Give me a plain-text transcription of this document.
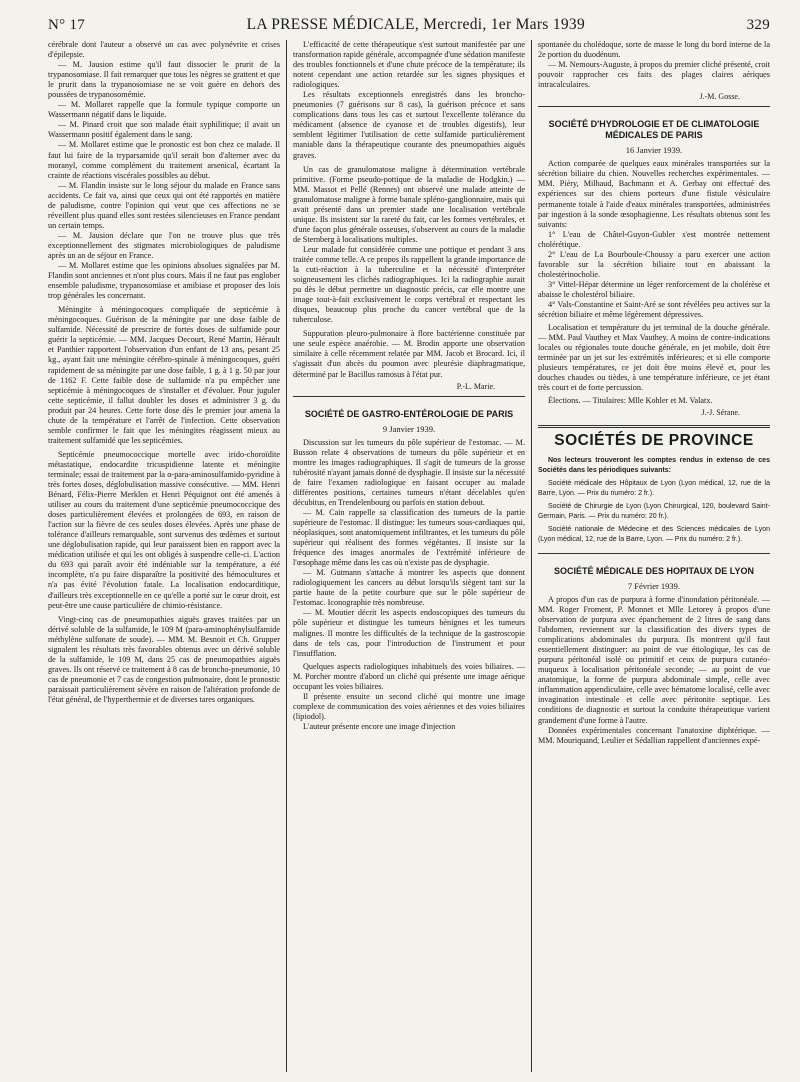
N° 17	LA PRESSE MÉDICALE, Mercredi, 1er Mars 1939	329

cérébrale dont l'auteur a observé un cas avec polynévrite et crises d'épilepsie.

— M. Jausion estime qu'il faut dissocier le prurit de la trypanosomiase. Il fait remarquer que tous les nègres se grattent et que le prurit dans la trypanosomiase ne se voit guère en dehors des poussées de trypanosomémie.

— M. Mollaret rappelle que la formule typique comporte un Wassermann négatif dans le liquide.

— M. Pinard croit que son malade était syphilitique; il avait un Wassermann positif également dans le sang.

— M. Mollaret estime que le pronostic est bon chez ce malade. Il faut lui faire de la tryparsamide qu'il serait bon d'alterner avec du moranyl, comme complément du traitement arsenical, écartant la crainte de réactions viscérales possibles au début.

— M. Flandin insiste sur le long séjour du malade en France sans accidents. Ce fait va, ainsi que ceux qui ont été rapportés en matière de paludisme, contre l'opinion qui veut que ces affections ne se réveillent plus quand elles sont restées silencieuses en France pendant un certain temps.

— M. Jausion déclare que l'on ne trouve plus que très exceptionnellement des stigmates microbiologiques de paludisme après un an de séjour en France.

— M. Mollaret estime que les opinions absolues signalées par M. Flandin sont anciennes et n'ont plus cours. Mais il ne faut pas englober ensemble paludisme, trypanosomiase et amibiase et proposer des lois trop générales les concernant.

Méningite à méningocoques compliquée de septicémie à méningocoques. Guérison de la méningite par une dose faible de sulfamide. Nécessité de prescrire de fortes doses de sulfamide pour guérir la septicémie. — MM. Jacques Decourt, René Martin, Hérault et Panthier rapportent l'observation d'un enfant de 13 ans, pesant 25 kg., ayant fait une méningite cérébro-spinale à méningocoques, guéri rapidement de sa méningite par une dose faible, 1 g. à 1 g. 50 par jour de 1162 F. Cette faible dose de sulfamide n'a pu empêcher une septicémie à méningocoques de s'installer et d'évoluer. Pour juguler cette septicémie, il fallut doubler les doses et administrer 3 g. du produit par 24 heures. Cette forte dose dès le premier jour amena la chute de la température et l'arrêt de l'infection. Cette observation semble confirmer le fait que les méningites réagissent mieux au traitement sulfamidé que les septicémies.

Septicémie pneumococcique mortelle avec irido-choroïdite métastatique, endocardite tricuspidienne latente et méningite terminale; essai de traitement par la α-para-aminosulfamido-pyridine à très fortes doses, déglobulisation massive consécutive. — MM. Henri Bénard, Félix-Pierre Merklen et Henri Péquignot ont été amenés à utiliser au cours du traitement d'une septicémie pneumococcique des doses particulièrement élevées et prolongées de 693, en raison de l'action sur la fièvre de ces seules doses élevées. Après une phase de tolérance d'ailleurs remarquable, sont survenus des œdèmes et surtout une déglobulisation rapide, qui leur paraissent bien en rapport avec la médication utilisée et qui les ont obligés à suspendre celle-ci. L'action du 693 qui paraît avoir été indéniable sur la température, a été incomplète, n'a pu faire disparaître la positivité des hémocultures et n'a pas évité l'évolution fatale. La localisation endocarditique, d'ailleurs très exceptionnelle en ce qu'elle a porté sur le cœur droit, est peut-être une cause particulière de chimio-résistance.

Vingt-cinq cas de pneumopathies aiguës graves traitées par un dérivé soluble de la sulfamide, le 109 M (para-aminophénylsulfamide méthylène sulfonate de soude). — MM. M. Besnoit et Ch. Grupper signalent les résultats très favorables obtenus avec un dérivé soluble de la sulfamide, le 109 M, dans 25 cas de pneumopathies aiguës graves. Ils ont réservé ce traitement à 8 cas de broncho-pneumonie, 10 cas de pneumonie et 7 cas de congestion pulmonaire, dont le pronostic paraissait particulièrement sévère en raison de l'altération profonde de l'état général, de l'hyperthermie et de diverses tares organiques.

L'efficacité de cette thérapeutique s'est surtout manifestée par une transformation rapide générale, accompagnée d'une sédation manifeste des troubles fonctionnels et d'une chute précoce de la température; ils notent cependant une action retardée sur les signes physiques et radiologiques.

Les résultats exceptionnels enregistrés dans les broncho-pneumonies (7 guérisons sur 8 cas), la guérison précoce et sans complications dans tous les cas et surtout l'excellente tolérance du médicament (absence de cyanose et de troubles digestifs), leur semblent légitimer l'utilisation de cette sulfamide particulièrement maniable dans la thérapeutique courante des pneumopathies aiguës graves.

Un cas de granulomatose maligne à détermination vertébrale primitive. (Forme pseudo-pottique de la maladie de Hodgkin.) — MM. Massot et Pellé (Rennes) ont observé une malade atteinte de granulomatose maligne à forme banale spléno-ganglionnaire, mais qui avait présenté dans un premier stade une localisation vertébrale unique. Ils insistent sur la rareté du fait, car les formes vertébrales, et d'une façon plus générale osseuses, s'observent au cours de la maladie de Sternberg à localisations multiples.

Leur malade fut considérée comme une pottique et pendant 3 ans traitée comme telle. A ce propos ils rappellent la grande importance de la cuti-réaction à la tuberculine et la nécessité d'interpréter soigneusement les clichés radiographiques. Ici la radiographie aurait pu dès le début permettre un diagnostic précis, car elle montre une image tout-à-fait exclusivement le corps vertébral et respectant les disques, beaucoup plus proche du cancer vertébral que de la tuberculose.

Suppuration pleuro-pulmonaire à flore bactérienne constituée par une seule espèce anaérobie. — M. Brodin apporte une observation similaire à celle récemment relatée par MM. Jacob et Brocard. Ici, il s'agissait d'un abcès du poumon avec pleurésie diaphragmatique, déterminé par le Bacillus ramosus à l'état pur.

P.-L. Marie.
SOCIÉTÉ DE GASTRO-ENTÉROLOGIE DE PARIS
9 Janvier 1939.

Discussion sur les tumeurs du pôle supérieur de l'estomac. — M. Busson relate 4 observations de tumeurs du pôle supérieur et en montre les images radiographiques. Il s'agit de tumeurs de la grosse tubérosité n'ayant jamais donné de dysphagie. Il insiste sur la nécessité de faire l'examen radiologique en faisant occuper au malade différentes positions, certaines tumeurs n'étant décelables qu'en décubitus, en Trendelenbourg ou parfois en station debout.

— M. Cain rappelle sa classification des tumeurs de la partie supérieure de l'estomac. Il distingue: les tumeurs sous-cardiaques qui, néoplasiques, sont anatomiquement infiltrantes, et les tumeurs du pôle supérieur qui réalisent des formes végétantes. Il insiste sur la fréquence des images anormales de l'extrémité inférieure de l'œsophage même dans les cas où n'existe pas de dysphagie.

— M. Gutmann s'attache à montrer les aspects que donnent radiologiquement les cancers au début lorsqu'ils siègent tant sur la partie haute de la petite courbure que sur le pôle supérieur de l'estomac. Iconographie très nombreuse.

— M. Moutier décrit les aspects endoscopiques des tumeurs du pôle supérieur et distingue les tumeurs bénignes et les tumeurs malignes. Il montre les difficultés de la technique de la gastroscopie dans de tels cas, pour l'introduction de l'instrument et pour l'insufflation.

Quelques aspects radiologiques inhabituels des voies biliaires. — M. Porcher montre d'abord un cliché qui présente une image aérique occupant les voies biliaires.

Il présente ensuite un second cliché qui montre une image complexe de communication des voies aériennes et des voies biliaires (lipiodol).

L'auteur présente encore une image d'injection

spontanée du cholédoque, sorte de masse le long du bord interne de la 2e portion du duodénum.

— M. Nemours-Auguste, à propos du premier cliché présenté, croit pouvoir rapprocher ces faits des plages claires aériques intracalculaires.

J.-M. Gosse.
SOCIÉTÉ D'HYDROLOGIE ET DE CLIMATOLOGIE MÉDICALES DE PARIS
16 Janvier 1939.

Action comparée de quelques eaux minérales transportées sur la sécrétion biliaire du chien. Nouvelles recherches expérimentales. — MM. Piéry, Milhaud, Bachmann et A. Gerbay ont effectué des expériences sur des chiens porteurs d'une fistule vésiculaire permanente totale à l'aide d'eaux minérales transportées, administrées par ingestion à la sonde œsophagienne. Les résultats obtenus sont les suivants:

1° L'eau de Châtel-Guyon-Gubler s'est montrée nettement cholérétique.

2° L'eau de La Bourboule-Choussy a paru exercer une action favorable sur la sécrétion biliaire tout en abaissant la cholestérinocholie.

3° Vittel-Hépar détermine un léger renforcement de la cholérèse et abaisse le cholestérol biliaire.

4° Vals-Constantine et Saint-Aré se sont révélées peu actives sur la sécrétion biliaire et même légèrement dépressives.

Localisation et température du jet terminal de la douche générale. — MM. Paul Vauthey et Max Vauthey. A moins de contre-indications locales ou régionales toute douche générale, en jet mobile, doit être terminée par un jet sur les extrémités inférieures; et si elle comporte plusieurs températures, ce jet doit être moins élevé et, pour les douches chaudes ou tièdes, à une température inférieure, ce jet étant très court et de forte percussion.

Élections. — Titulaires: Mlle Kohler et M. Valatx.

J.-J. Sérane.
SOCIÉTÉS DE PROVINCE

Nos lecteurs trouveront les comptes rendus in extenso de ces Sociétés dans les périodiques suivants:

Société médicale des Hôpitaux de Lyon (Lyon médical, 12, rue de la Barre, Lyon. — Prix du numéro: 2 fr.).

Société de Chirurgie de Lyon (Lyon Chirurgical, 120, boulevard Saint-Germain, Paris. — Prix du numéro: 20 fr.).

Société nationale de Médecine et des Sciences médicales de Lyon (Lyon médical, 12, rue de la Barre, Lyon. — Prix du numéro: 2 fr.).

SOCIÉTÉ MÉDICALE DES HOPITAUX DE LYON
7 Février 1939.

A propos d'un cas de purpura à forme d'inondation péritonéale. — MM. Roger Froment, P. Monnet et Mlle Letorey à propos d'une observation de purpura avec épanchement de 2 litres de sang dans l'abdomen, reviennent sur la classification des divers types de complications abdominales du purpura. Ils montrent qu'il faut essentiellement distinguer: au point de vue étiologique, les cas de purpura péritonéal isolé ou primitif et ceux de purpura cutanéo-muqueux à localisation péritonéale seconde; — au point de vue anatomique, la forme de purpura abdominale simple, celle avec inflammation appendiculaire, celle avec hématome localisé, celle avec invagination intestinale et celle avec péritonite septique. Les conditions de diagnostic et surtout la conduite thérapeutique varient grandement d'une forme à l'autre.

Données expérimentales concernant l'anatoxine diphtérique. — MM. Mouriquand, Leulier et Sédallian rappellent d'anciennes expé-
